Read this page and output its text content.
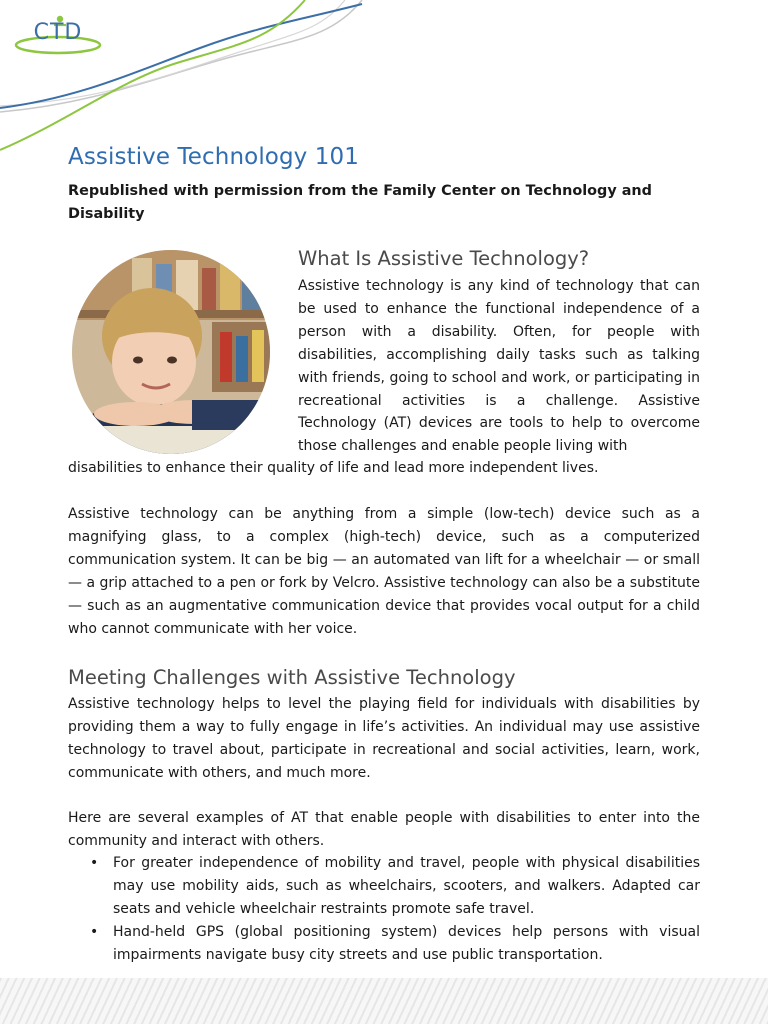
CTD
Assistive Technology 101

Republished with permission from the Family Center on Technology and Disability

What Is Assistive Technology?

Assistive technology is any kind of technology that can be used to enhance the functional independence of a person with a disability. Often, for people with disabilities, accomplishing daily tasks such as talking with friends, going to school and work, or participating in recreational activities is a challenge. Assistive Technology (AT) devices are tools to help to overcome those challenges and enable people living with

disabilities to enhance their quality of life and lead more independent lives.

Assistive technology can be anything from a simple (low-tech) device such as a magnifying glass, to a complex (high-tech) device, such as a computerized communication system. It can be big — an automated van lift for a wheelchair — or small — a grip attached to a pen or fork by Velcro. Assistive technology can also be a substitute — such as an augmentative communication device that provides vocal output for a child who cannot communicate with her voice.

Meeting Challenges with Assistive Technology

Assistive technology helps to level the playing field for individuals with disabilities by providing them a way to fully engage in life’s activities. An individual may use assistive technology to travel about, participate in recreational and social activities, learn, work, communicate with others, and much more.

Here are several examples of AT that enable people with disabilities to enter into the community and interact with others.

• For greater independence of mobility and travel, people with physical disabilities may use mobility aids, such as wheelchairs, scooters, and walkers. Adapted car seats and vehicle wheelchair restraints promote safe travel.
• Hand-held GPS (global positioning system) devices help persons with visual impairments navigate busy city streets and use public transportation.
